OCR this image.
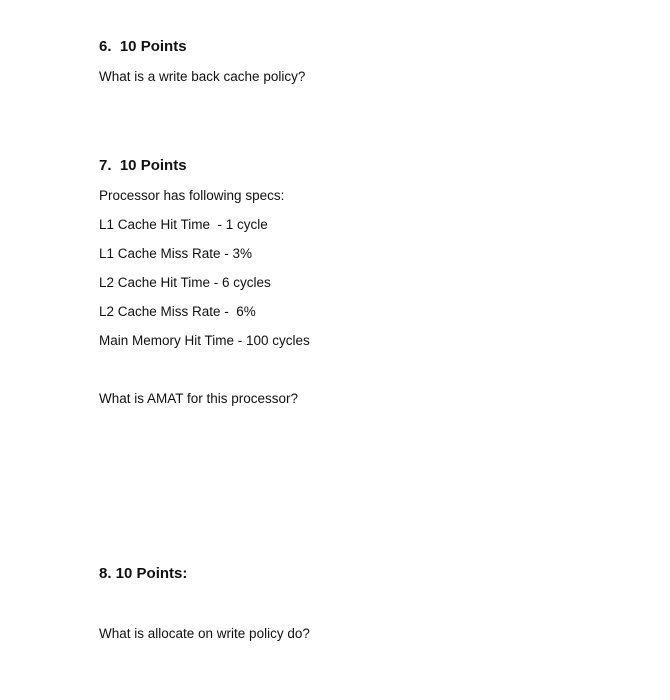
6.  10 Points
What is a write back cache policy?
7.  10 Points
Processor has following specs:
L1 Cache Hit Time  - 1 cycle
L1 Cache Miss Rate - 3%
L2 Cache Hit Time - 6 cycles
L2 Cache Miss Rate -  6%
Main Memory Hit Time - 100 cycles
What is AMAT for this processor?
8. 10 Points:
What is allocate on write policy do?
